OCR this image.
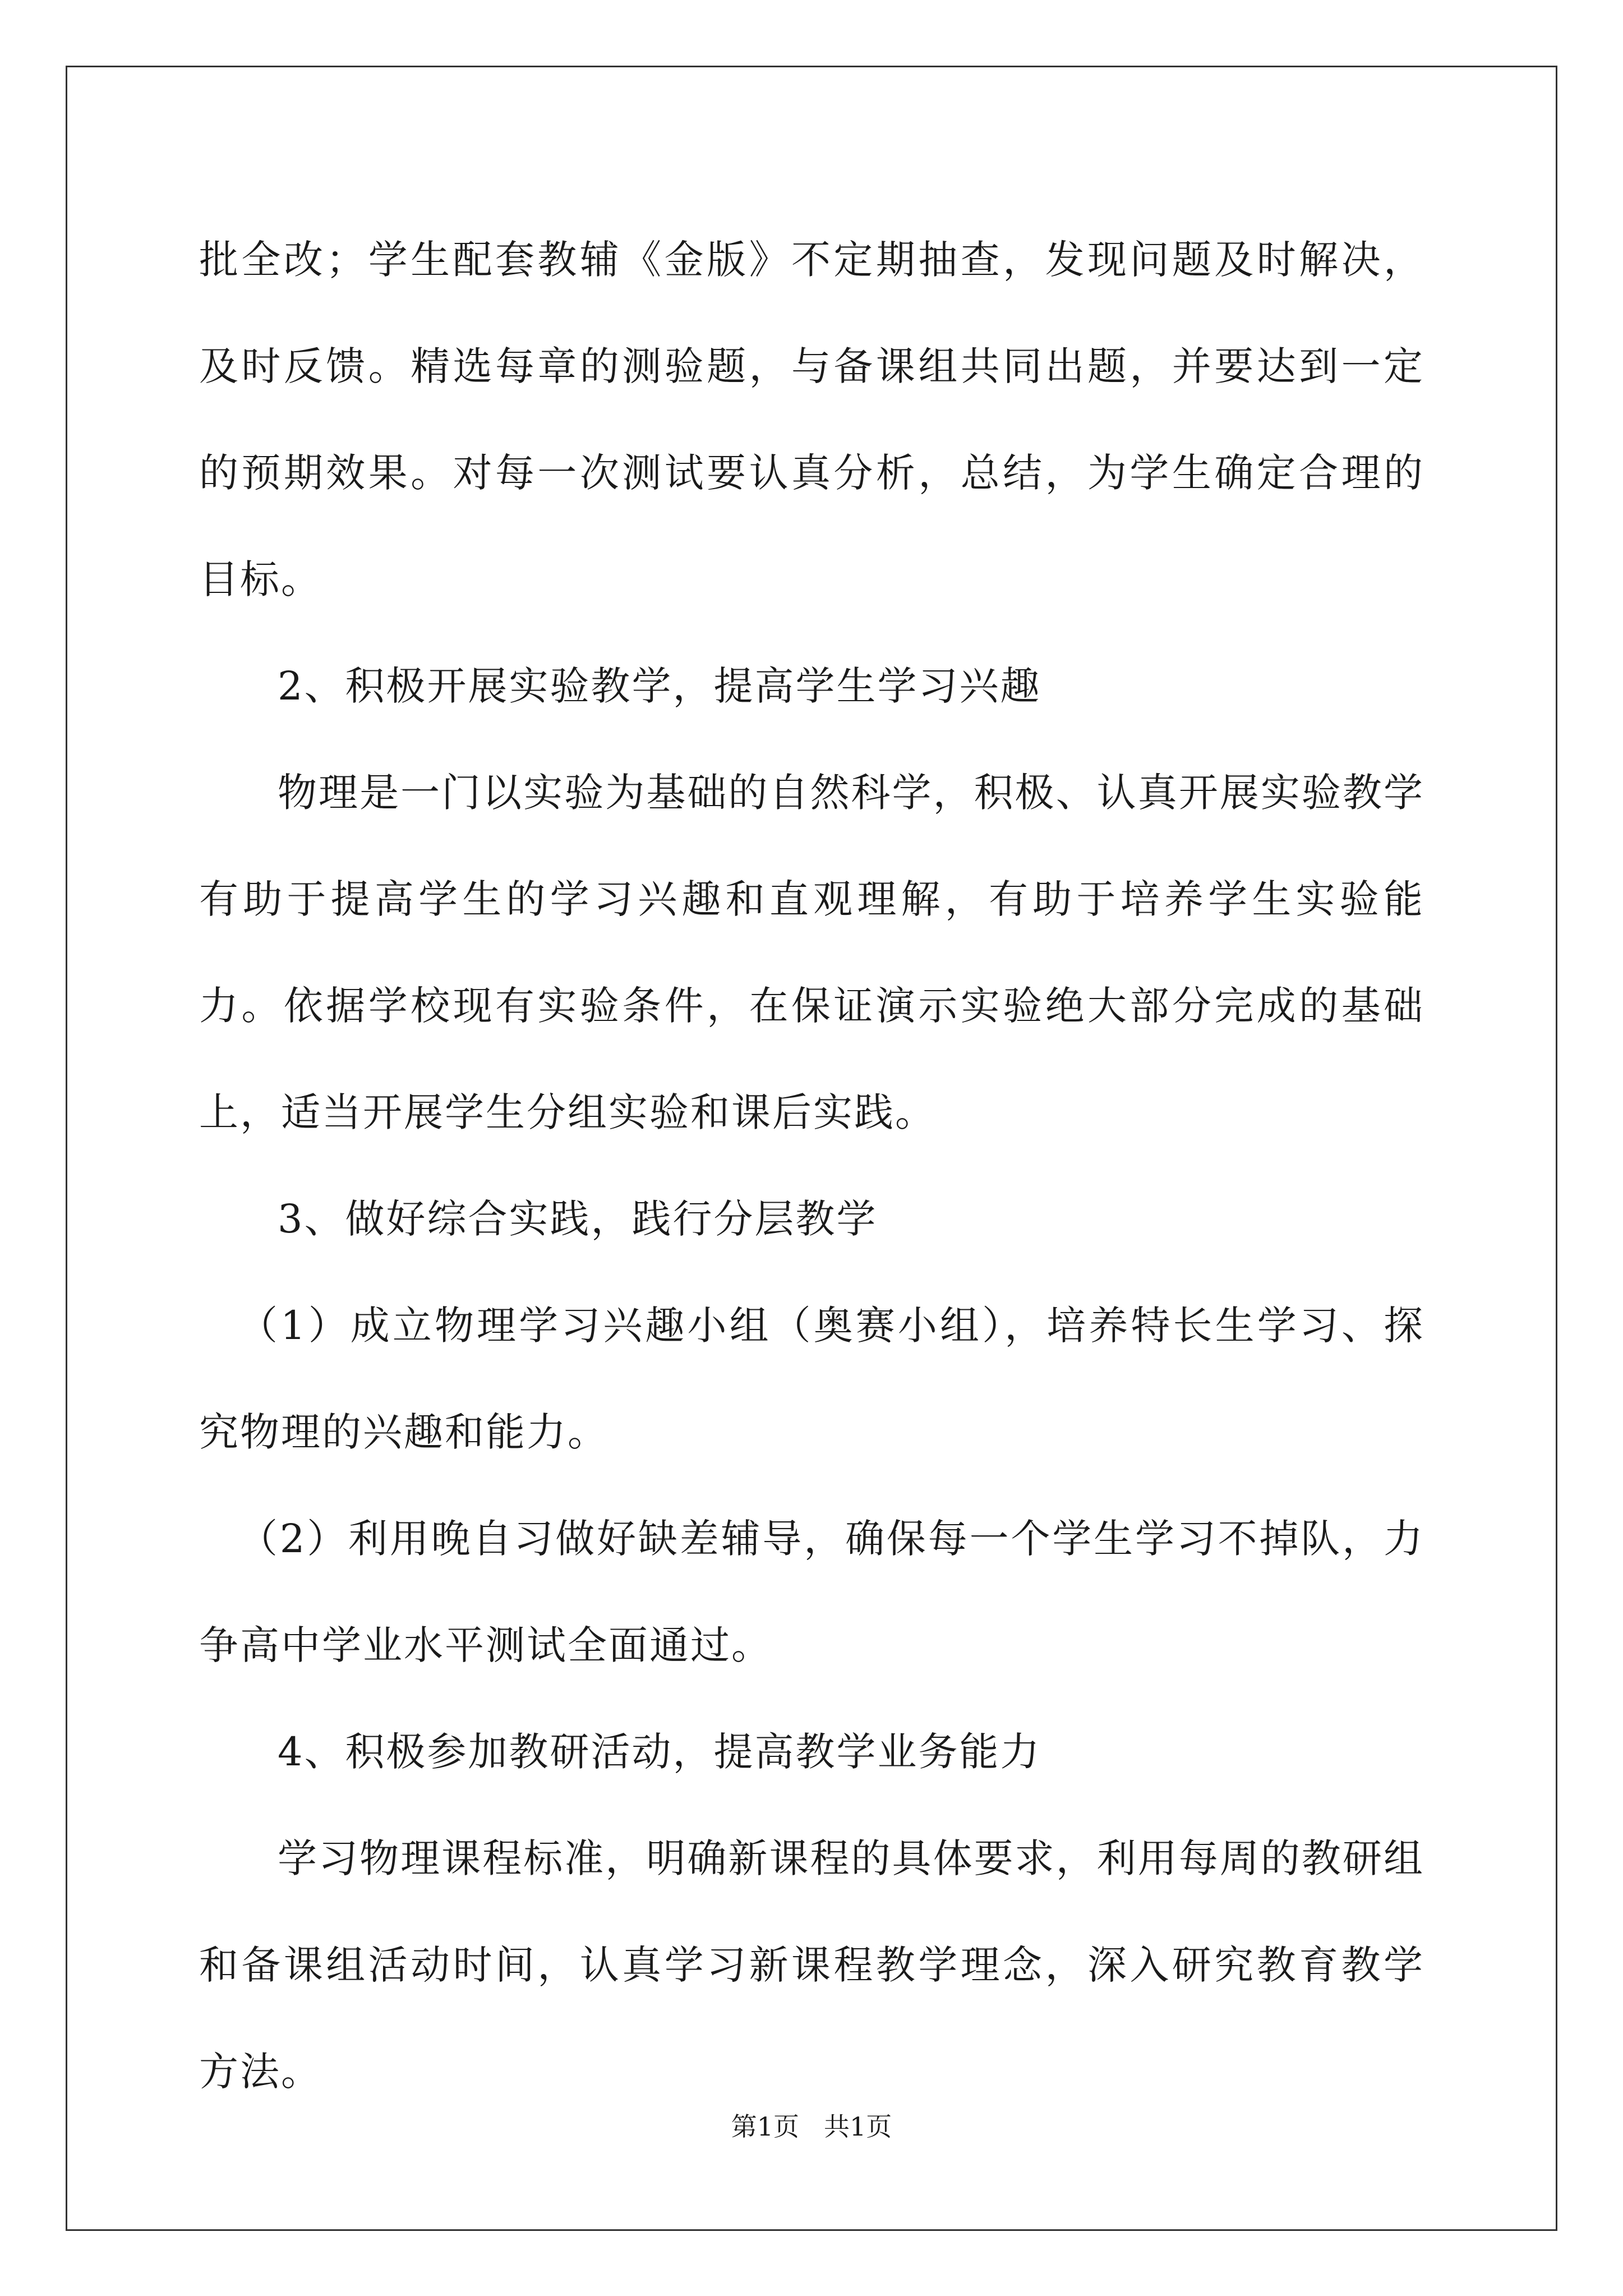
批全改；学生配套教辅《金版》不定期抽查，发现问题及时解决，及时反馈。精选每章的测验题，与备课组共同出题，并要达到一定的预期效果。对每一次测试要认真分析，总结，为学生确定合理的目标。

2、积极开展实验教学，提高学生学习兴趣

物理是一门以实验为基础的自然科学，积极、认真开展实验教学有助于提高学生的学习兴趣和直观理解，有助于培养学生实验能力。依据学校现有实验条件，在保证演示实验绝大部分完成的基础上，适当开展学生分组实验和课后实践。

3、做好综合实践，践行分层教学

（1）成立物理学习兴趣小组（奥赛小组），培养特长生学习、探究物理的兴趣和能力。

（2）利用晚自习做好缺差辅导，确保每一个学生学习不掉队，力争高中学业水平测试全面通过。

4、积极参加教研活动，提高教学业务能力

学习物理课程标准，明确新课程的具体要求，利用每周的教研组和备课组活动时间，认真学习新课程教学理念，深入研究教育教学方法。

第1页 共1页
